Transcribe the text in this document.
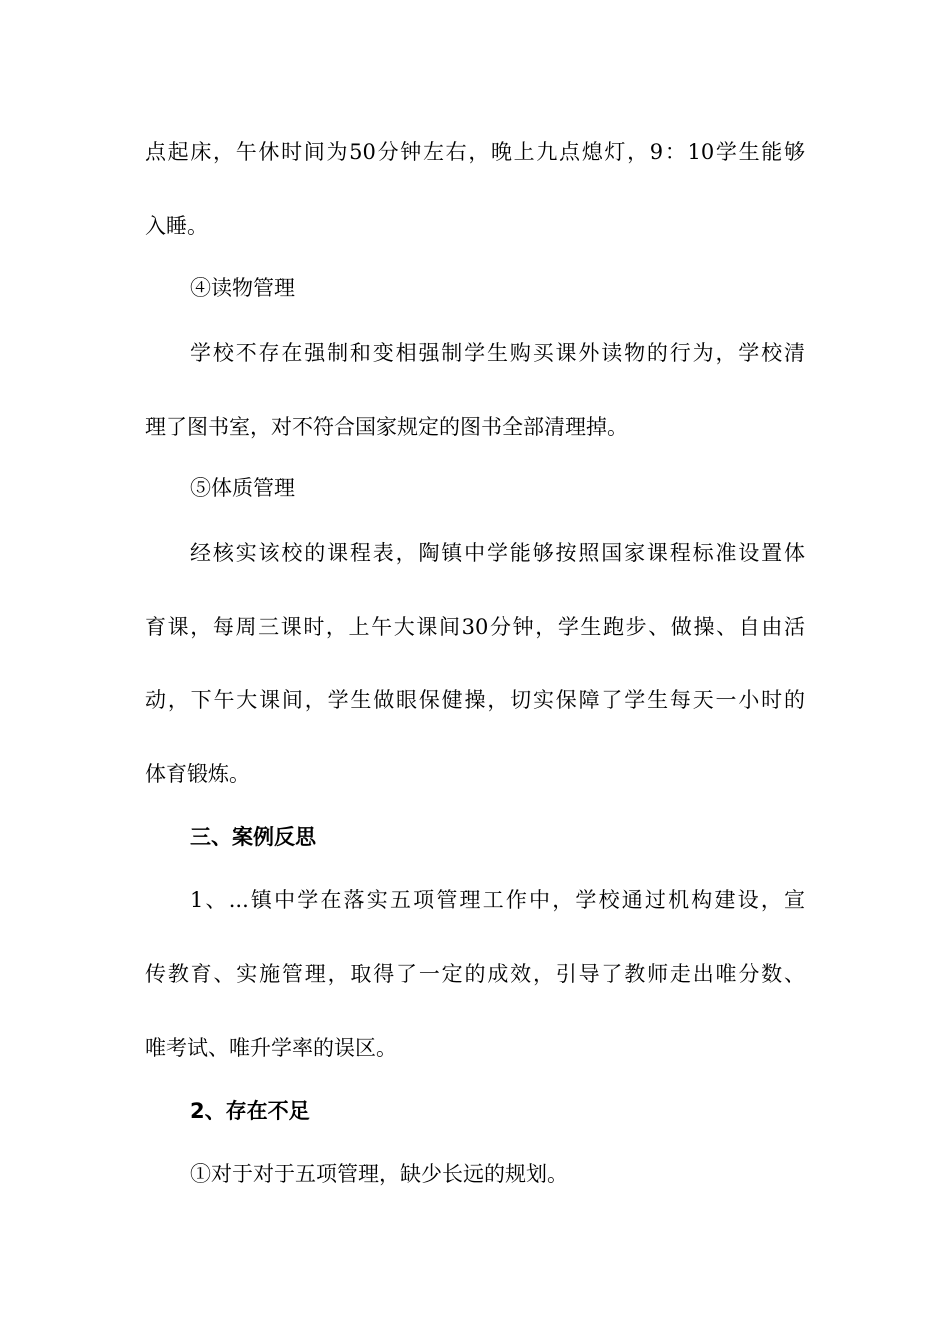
点起床，午休时间为50分钟左右，晚上九点熄灯，9：10学生能够
入睡。
④读物管理
学校不存在强制和变相强制学生购买课外读物的行为，学校清
理了图书室，对不符合国家规定的图书全部清理掉。
⑤体质管理
经核实该校的课程表，陶镇中学能够按照国家课程标准设置体
育课，每周三课时，上午大课间30分钟，学生跑步、做操、自由活
动，下午大课间，学生做眼保健操，切实保障了学生每天一小时的
体育锻炼。
三、案例反思
1、...镇中学在落实五项管理工作中，学校通过机构建设，宣
传教育、实施管理，取得了一定的成效，引导了教师走出唯分数、
唯考试、唯升学率的误区。
2、存在不足
①对于对于五项管理，缺少长远的规划。
